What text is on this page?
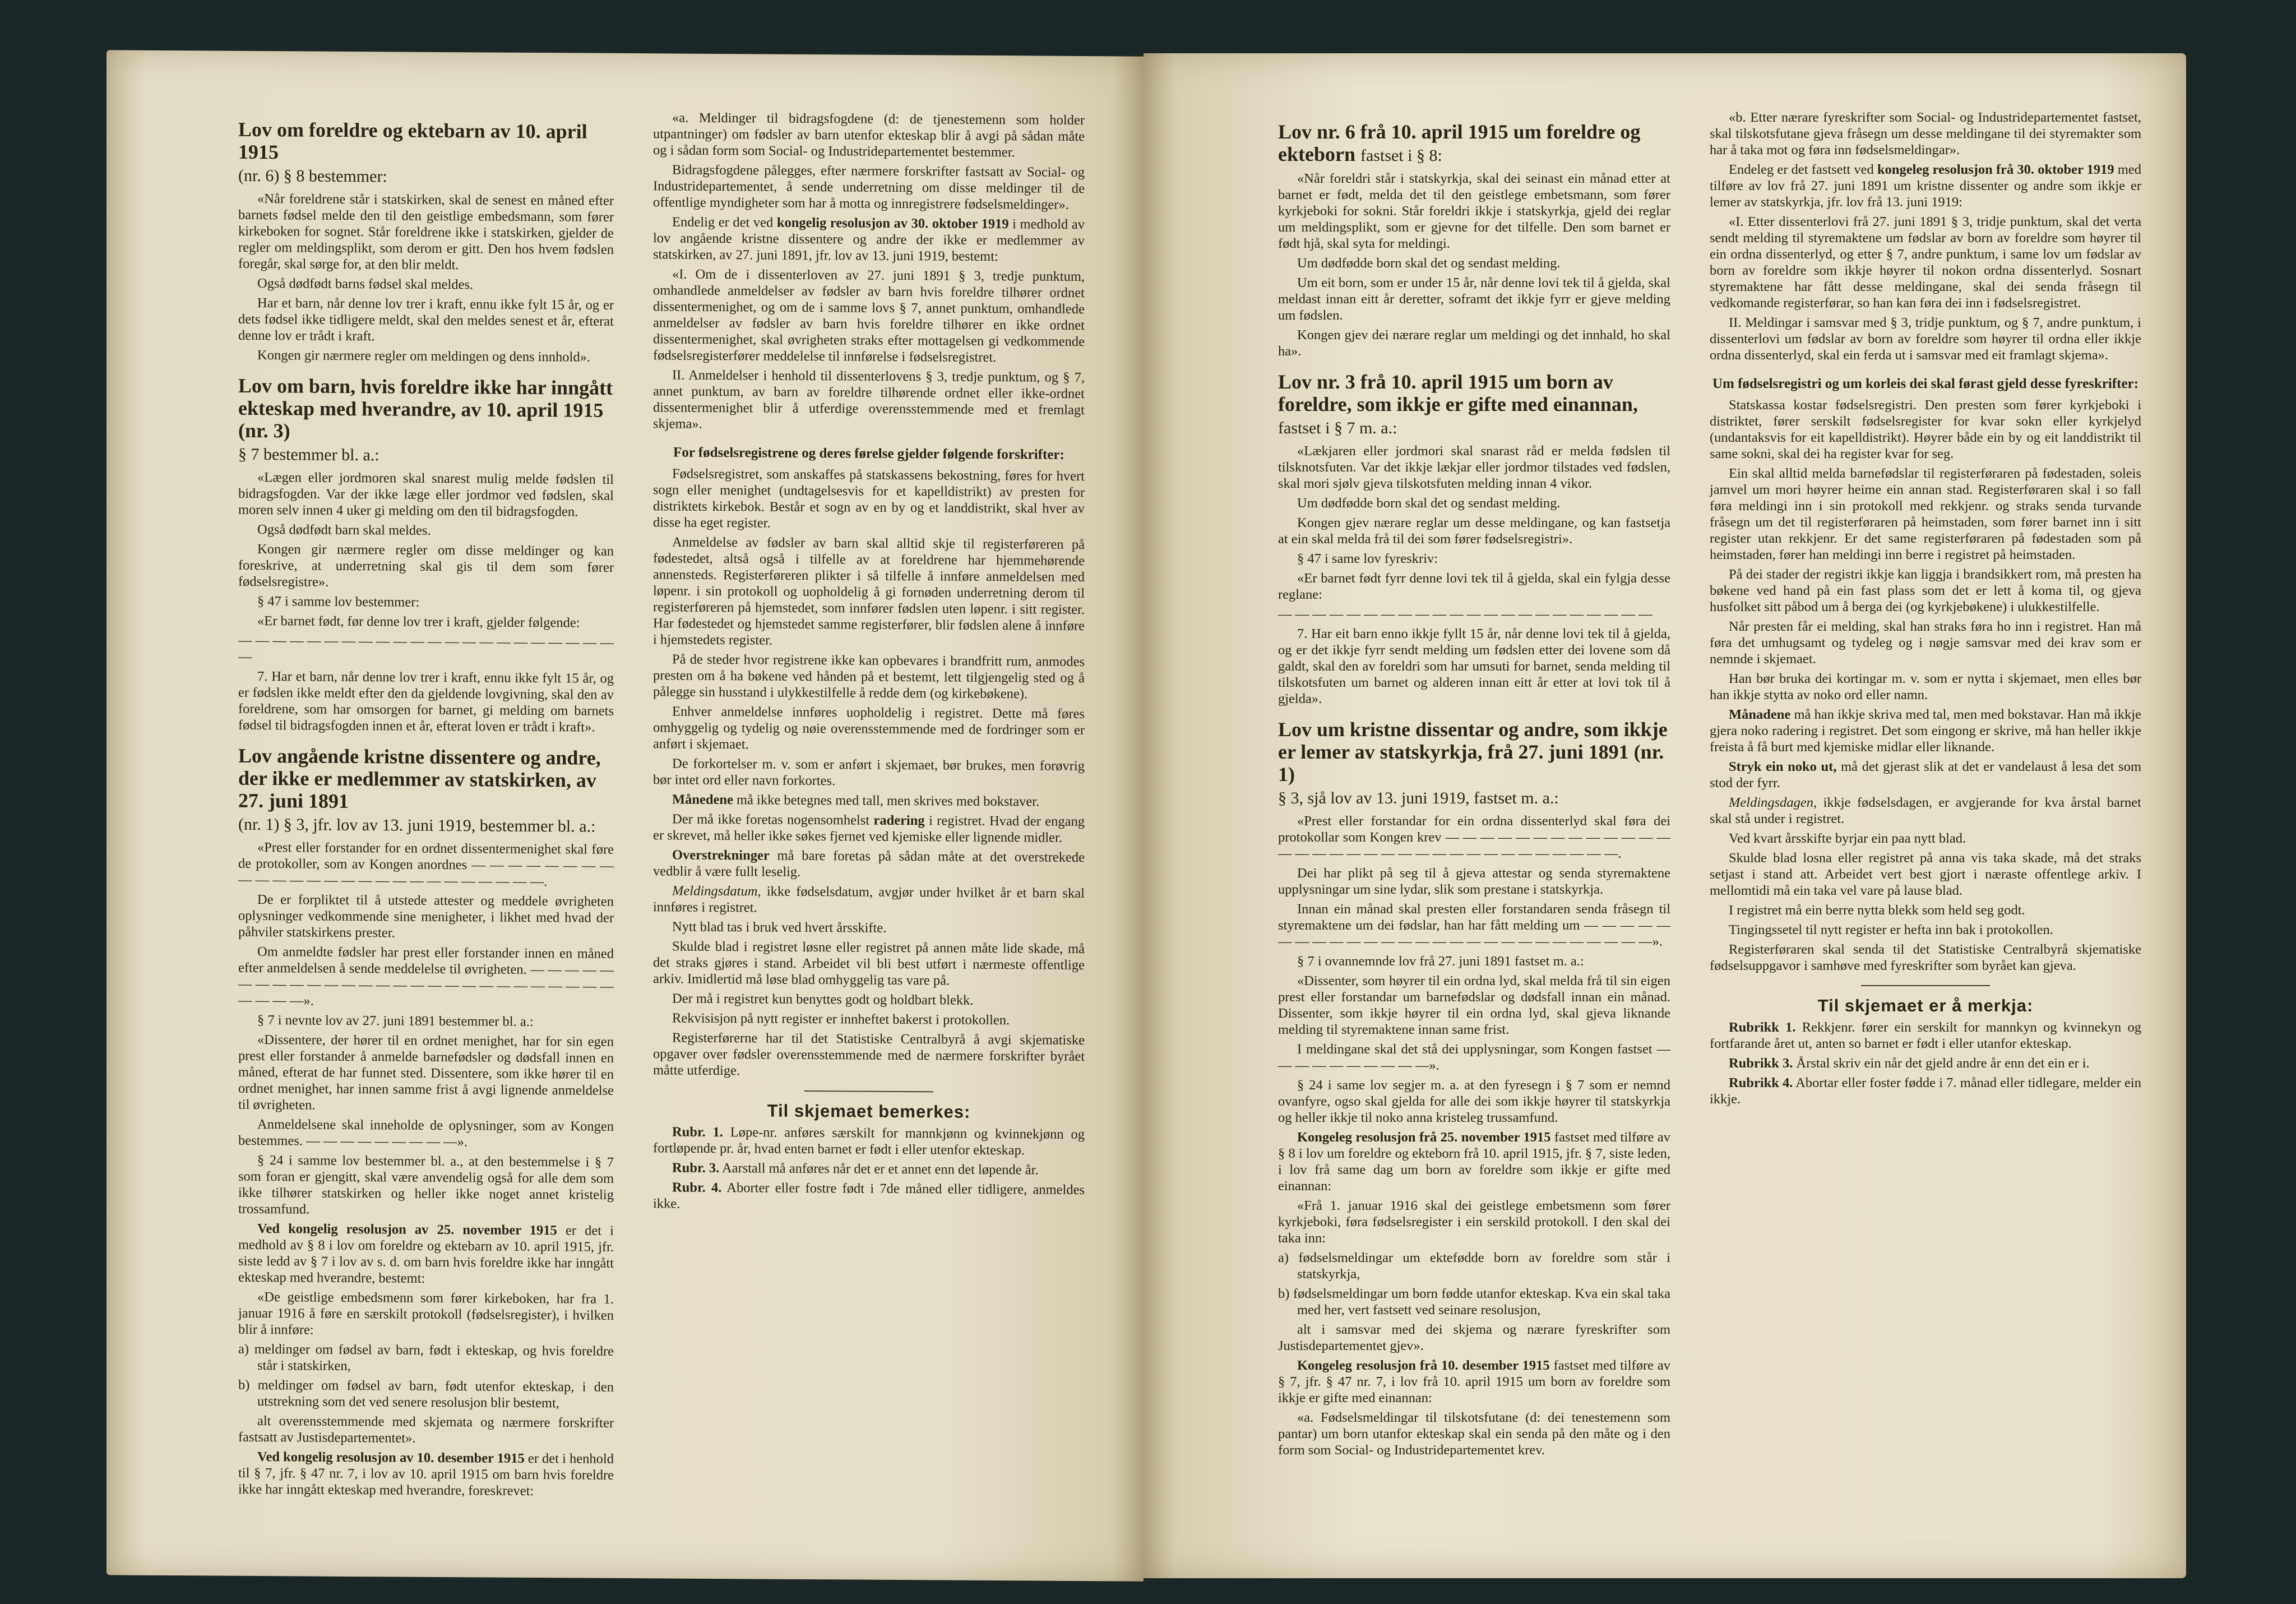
Lov om foreldre og ektebarn av 10. april 1915
(nr. 6) § 8 bestemmer:

«Når foreldrene står i statskirken, skal de senest en måned efter barnets fødsel melde den til den geistlige embedsmann, som fører kirkeboken for sognet. Står foreldrene ikke i statskirken, gjelder de regler om meldingsplikt, som derom er gitt. Den hos hvem fødslen foregår, skal sørge for, at den blir meldt.

Også dødfødt barns fødsel skal meldes.

Har et barn, når denne lov trer i kraft, ennu ikke fylt 15 år, og er dets fødsel ikke tidligere meldt, skal den meldes senest et år, efterat denne lov er trådt i kraft.

Kongen gir nærmere regler om meldingen og dens innhold».

Lov om barn, hvis foreldre ikke har inngått ekteskap med hverandre, av 10. april 1915 (nr. 3)
§ 7 bestemmer bl. a.:

«Lægen eller jordmoren skal snarest mulig melde fødslen til bidragsfogden. Var der ikke læge eller jordmor ved fødslen, skal moren selv innen 4 uker gi melding om den til bidragsfogden.

Også dødfødt barn skal meldes.

Kongen gir nærmere regler om disse meldinger og kan foreskrive, at underretning skal gis til dem som fører fødselsregistre».

§ 47 i samme lov bestemmer:

«Er barnet født, før denne lov trer i kraft, gjelder følgende:

— — — — — — — — — — — — — — — — — — — — — — —

7. Har et barn, når denne lov trer i kraft, ennu ikke fylt 15 år, og er fødslen ikke meldt efter den da gjeldende lovgivning, skal den av foreldrene, som har omsorgen for barnet, gi melding om barnets fødsel til bidragsfogden innen et år, efterat loven er trådt i kraft».

Lov angående kristne dissentere og andre, der ikke er medlemmer av statskirken, av 27. juni 1891
(nr. 1) § 3, jfr. lov av 13. juni 1919, bestemmer bl. a.:

«Prest eller forstander for en ordnet dissentermenighet skal føre de protokoller, som av Kongen anordnes — — — — — — — — — — — — — — — — — — — — — — — — — —.

De er forpliktet til å utstede attester og meddele øvrigheten oplysninger vedkommende sine menigheter, i likhet med hvad der påhviler statskirkens prester.

Om anmeldte fødsler har prest eller forstander innen en måned efter anmeldelsen å sende meddelelse til øvrigheten. — — — — — — — — — — — — — — — — — — — — — — — — — — — — — — —».

§ 7 i nevnte lov av 27. juni 1891 bestemmer bl. a.:

«Dissentere, der hører til en ordnet menighet, har for sin egen prest eller forstander å anmelde barnefødsler og dødsfall innen en måned, efterat de har funnet sted. Dissentere, som ikke hører til en ordnet menighet, har innen samme frist å avgi lignende anmeldelse til øvrigheten.

Anmeldelsene skal inneholde de oplysninger, som av Kongen bestemmes. — — — — — — — — —».

§ 24 i samme lov bestemmer bl. a., at den bestemmelse i § 7 som foran er gjengitt, skal være anvendelig også for alle dem som ikke tilhører statskirken og heller ikke noget annet kristelig trossamfund.

Ved kongelig resolusjon av 25. november 1915 er det i medhold av § 8 i lov om foreldre og ektebarn av 10. april 1915, jfr. siste ledd av § 7 i lov av s. d. om barn hvis foreldre ikke har inngått ekteskap med hverandre, bestemt:

«De geistlige embedsmenn som fører kirkeboken, har fra 1. januar 1916 å føre en særskilt protokoll (fødselsregister), i hvilken blir å innføre:

a) meldinger om fødsel av barn, født i ekteskap, og hvis foreldre står i statskirken,

b) meldinger om fødsel av barn, født utenfor ekteskap, i den utstrekning som det ved senere resolusjon blir bestemt,

alt overensstemmende med skjemata og nærmere forskrifter fastsatt av Justisdepartementet».

Ved kongelig resolusjon av 10. desember 1915 er det i henhold til § 7, jfr. § 47 nr. 7, i lov av 10. april 1915 om barn hvis foreldre ikke har inngått ekteskap med hverandre, foreskrevet:

«a. Meldinger til bidragsfogdene (d: de tjenestemenn som holder utpantninger) om fødsler av barn utenfor ekteskap blir å avgi på sådan måte og i sådan form som Social- og Industridepartementet bestemmer.

Bidragsfogdene pålegges, efter nærmere forskrifter fastsatt av Social- og Industridepartementet, å sende underretning om disse meldinger til de offentlige myndigheter som har å motta og innregistrere fødselsmeldinger».

Endelig er det ved kongelig resolusjon av 30. oktober 1919 i medhold av lov angående kristne dissentere og andre der ikke er medlemmer av statskirken, av 27. juni 1891, jfr. lov av 13. juni 1919, bestemt:

«I. Om de i dissenterloven av 27. juni 1891 § 3, tredje punktum, omhandlede anmeldelser av fødsler av barn hvis foreldre tilhører ordnet dissentermenighet, og om de i samme lovs § 7, annet punktum, omhandlede anmeldelser av fødsler av barn hvis foreldre tilhører en ikke ordnet dissentermenighet, skal øvrigheten straks efter mottagelsen gi vedkommende fødselsregisterfører meddelelse til innførelse i fødselsregistret.

II. Anmeldelser i henhold til dissenterlovens § 3, tredje punktum, og § 7, annet punktum, av barn av foreldre tilhørende ordnet eller ikke-ordnet dissentermenighet blir å utferdige overensstemmende med et fremlagt skjema».

For fødselsregistrene og deres førelse gjelder følgende forskrifter:

Fødselsregistret, som anskaffes på statskassens bekostning, føres for hvert sogn eller menighet (undtagelsesvis for et kapelldistrikt) av presten for distriktets kirkebok. Består et sogn av en by og et landdistrikt, skal hver av disse ha eget register.

Anmeldelse av fødsler av barn skal alltid skje til registerføreren på fødestedet, altså også i tilfelle av at foreldrene har hjemmehørende annensteds. Registerføreren plikter i så tilfelle å innføre anmeldelsen med løpenr. i sin protokoll og uopholdelig å gi fornøden underretning derom til registerføreren på hjemstedet, som innfører fødslen uten løpenr. i sitt register. Har fødestedet og hjemstedet samme registerfører, blir fødslen alene å innføre i hjemstedets register.

På de steder hvor registrene ikke kan opbevares i brandfritt rum, anmodes presten om å ha bøkene ved hånden på et bestemt, lett tilgjengelig sted og å pålegge sin husstand i ulykkestilfelle å redde dem (og kirkebøkene).

Enhver anmeldelse innføres uopholdelig i registret. Dette må føres omhyggelig og tydelig og nøie overensstemmende med de fordringer som er anført i skjemaet.

De forkortelser m. v. som er anført i skjemaet, bør brukes, men forøvrig bør intet ord eller navn forkortes.

Månedene må ikke betegnes med tall, men skrives med bokstaver.

Der må ikke foretas nogensomhelst radering i registret. Hvad der engang er skrevet, må heller ikke søkes fjernet ved kjemiske eller lignende midler.

Overstrekninger må bare foretas på sådan måte at det overstrekede vedblir å være fullt leselig.

Meldingsdatum, ikke fødselsdatum, avgjør under hvilket år et barn skal innføres i registret.

Nytt blad tas i bruk ved hvert årsskifte.

Skulde blad i registret løsne eller registret på annen måte lide skade, må det straks gjøres i stand. Arbeidet vil bli best utført i nærmeste offentlige arkiv. Imidlertid må løse blad omhyggelig tas vare på.

Der må i registret kun benyttes godt og holdbart blekk.

Rekvisisjon på nytt register er innheftet bakerst i protokollen.

Registerførerne har til det Statistiske Centralbyrå å avgi skjematiske opgaver over fødsler overensstemmende med de nærmere forskrifter byrået måtte utferdige.

Til skjemaet bemerkes:

Rubr. 1. Løpe-nr. anføres særskilt for mannkjønn og kvinnekjønn og fortløpende pr. år, hvad enten barnet er født i eller utenfor ekteskap.

Rubr. 3. Aarstall må anføres når det er et annet enn det løpende år.

Rubr. 4. Aborter eller fostre født i 7de måned eller tidligere, anmeldes ikke.

Lov nr. 6 frå 10. april 1915 um foreldre og ekteborn fastset i § 8:

«Når foreldri står i statskyrkja, skal dei seinast ein månad etter at barnet er født, melda det til den geistlege embetsmann, som fører kyrkjeboki for sokni. Står foreldri ikkje i statskyrkja, gjeld dei reglar um meldingsplikt, som er gjevne for det tilfelle. Den som barnet er født hjå, skal syta for meldingi.

Um dødfødde born skal det og sendast melding.

Um eit born, som er under 15 år, når denne lovi tek til å gjelda, skal meldast innan eitt år deretter, soframt det ikkje fyrr er gjeve melding um fødslen.

Kongen gjev dei nærare reglar um meldingi og det innhald, ho skal ha».

Lov nr. 3 frå 10. april 1915 um born av foreldre, som ikkje er gifte med einannan, fastset i § 7 m. a.:

«Lækjaren eller jordmori skal snarast råd er melda fødslen til tilsknotsfuten. Var det ikkje lækjar eller jordmor tilstades ved fødslen, skal mori sjølv gjeva tilskotsfuten melding innan 4 vikor.

Um dødfødde born skal det og sendast melding.

Kongen gjev nærare reglar um desse meldingane, og kan fastsetja at ein skal melda frå til dei som fører fødselsregistri».

§ 47 i same lov fyreskriv:

«Er barnet født fyrr denne lovi tek til å gjelda, skal ein fylgja desse reglane:

— — — — — — — — — — — — — — — — — — — — — —

7. Har eit barn enno ikkje fyllt 15 år, når denne lovi tek til å gjelda, og er det ikkje fyrr sendt melding um fødslen etter dei lovene som då galdt, skal den av foreldri som har umsuti for barnet, senda melding til tilskotsfuten um barnet og alderen innan eitt år etter at lovi tok til å gjelda».

Lov um kristne dissentar og andre, som ikkje er lemer av statskyrkja, frå 27. juni 1891 (nr. 1)
§ 3, sjå lov av 13. juni 1919, fastset m. a.:

«Prest eller forstandar for ein ordna dissenterlyd skal føra dei protokollar som Kongen krev — — — — — — — — — — — — — — — — — — — — — — — — — — — — — — — — —.

Dei har plikt på seg til å gjeva attestar og senda styremaktene upplysningar um sine lydar, slik som prestane i statskyrkja.

Innan ein månad skal presten eller forstandaren senda fråsegn til styremaktene um dei fødslar, han har fått melding um — — — — — — — — — — — — — — — — — — — — — — — — — — —».

§ 7 i ovannemnde lov frå 27. juni 1891 fastset m. a.:

«Dissenter, som høyrer til ein ordna lyd, skal melda frå til sin eigen prest eller forstandar um barnefødslar og dødsfall innan ein månad. Dissenter, som ikkje høyrer til ein ordna lyd, skal gjeva liknande melding til styremaktene innan same frist.

I meldingane skal det stå dei upplysningar, som Kongen fastset — — — — — — — — — —».

§ 24 i same lov segjer m. a. at den fyresegn i § 7 som er nemnd ovanfyre, ogso skal gjelda for alle dei som ikkje høyrer til statskyrkja og heller ikkje til noko anna kristeleg trussamfund.

Kongeleg resolusjon frå 25. november 1915 fastset med tilføre av § 8 i lov um foreldre og ekteborn frå 10. april 1915, jfr. § 7, siste leden, i lov frå same dag um born av foreldre som ikkje er gifte med einannan:

«Frå 1. januar 1916 skal dei geistlege embetsmenn som fører kyrkjeboki, føra fødselsregister i ein serskild protokoll. I den skal dei taka inn:

a) fødselsmeldingar um ektefødde born av foreldre som står i statskyrkja,

b) fødselsmeldingar um born fødde utanfor ekteskap. Kva ein skal taka med her, vert fastsett ved seinare resolusjon,

alt i samsvar med dei skjema og nærare fyreskrifter som Justisdepartementet gjev».

Kongeleg resolusjon frå 10. desember 1915 fastset med tilføre av § 7, jfr. § 47 nr. 7, i lov frå 10. april 1915 um born av foreldre som ikkje er gifte med einannan:

«a. Fødselsmeldingar til tilskotsfutane (d: dei tenestemenn som pantar) um born utanfor ekteskap skal ein senda på den måte og i den form som Social- og Industridepartementet krev.

«b. Etter nærare fyreskrifter som Social- og Industridepartementet fastset, skal tilskotsfutane gjeva fråsegn um desse meldingane til dei styremakter som har å taka mot og føra inn fødselsmeldingar».

Endeleg er det fastsett ved kongeleg resolusjon frå 30. oktober 1919 med tilføre av lov frå 27. juni 1891 um kristne dissenter og andre som ikkje er lemer av statskyrkja, jfr. lov frå 13. juni 1919:

«I. Etter dissenterlovi frå 27. juni 1891 § 3, tridje punktum, skal det verta sendt melding til styremaktene um fødslar av born av foreldre som høyrer til ein ordna dissenterlyd, og etter § 7, andre punktum, i same lov um fødslar av born av foreldre som ikkje høyrer til nokon ordna dissenterlyd. Sosnart styremaktene har fått desse meldingane, skal dei senda fråsegn til vedkomande registerførar, so han kan føra dei inn i fødselsregistret.

II. Meldingar i samsvar med § 3, tridje punktum, og § 7, andre punktum, i dissenterlovi um fødslar av born av foreldre som høyrer til ordna eller ikkje ordna dissenterlyd, skal ein ferda ut i samsvar med eit framlagt skjema».

Um fødselsregistri og um korleis dei skal førast gjeld desse fyreskrifter:

Statskassa kostar fødselsregistri. Den presten som fører kyrkjeboki i distriktet, fører serskilt fødselsregister for kvar sokn eller kyrkjelyd (undantaksvis for eit kapelldistrikt). Høyrer både ein by og eit landdistrikt til same sokni, skal dei ha register kvar for seg.

Ein skal alltid melda barnefødslar til registerføraren på fødestaden, soleis jamvel um mori høyrer heime ein annan stad. Registerføraren skal i so fall føra meldingi inn i sin protokoll med rekkjenr. og straks senda turvande fråsegn um det til registerføraren på heimstaden, som fører barnet inn i sitt register utan rekkjenr. Er det same registerføraren på fødestaden som på heimstaden, fører han meldingi inn berre i registret på heimstaden.

På dei stader der registri ikkje kan liggja i brandsikkert rom, må presten ha bøkene ved hand på ein fast plass som det er lett å koma til, og gjeva husfolket sitt påbod um å berga dei (og kyrkjebøkene) i ulukkestilfelle.

Når presten får ei melding, skal han straks føra ho inn i registret. Han må føra det umhugsamt og tydeleg og i nøgje samsvar med dei krav som er nemnde i skjemaet.

Han bør bruka dei kortingar m. v. som er nytta i skjemaet, men elles bør han ikkje stytta av noko ord eller namn.

Månadene må han ikkje skriva med tal, men med bokstavar. Han må ikkje gjera noko radering i registret. Det som eingong er skrive, må han heller ikkje freista å få burt med kjemiske midlar eller liknande.

Stryk ein noko ut, må det gjerast slik at det er vandelaust å lesa det som stod der fyrr.

Meldingsdagen, ikkje fødselsdagen, er avgjerande for kva årstal barnet skal stå under i registret.

Ved kvart årsskifte byrjar ein paa nytt blad.

Skulde blad losna eller registret på anna vis taka skade, må det straks setjast i stand att. Arbeidet vert best gjort i næraste offentlege arkiv. I mellomtidi må ein taka vel vare på lause blad.

I registret må ein berre nytta blekk som held seg godt.

Tingingssetel til nytt register er hefta inn bak i protokollen.

Registerføraren skal senda til det Statistiske Centralbyrå skjematiske fødselsuppgavor i samhøve med fyreskrifter som byrået kan gjeva.

Til skjemaet er å merkja:

Rubrikk 1. Rekkjenr. fører ein serskilt for mannkyn og kvinnekyn og fortfarande året ut, anten so barnet er født i eller utanfor ekteskap.

Rubrikk 3. Årstal skriv ein når det gjeld andre år enn det ein er i.

Rubrikk 4. Abortar eller foster fødde i 7. månad eller tidlegare, melder ein ikkje.
